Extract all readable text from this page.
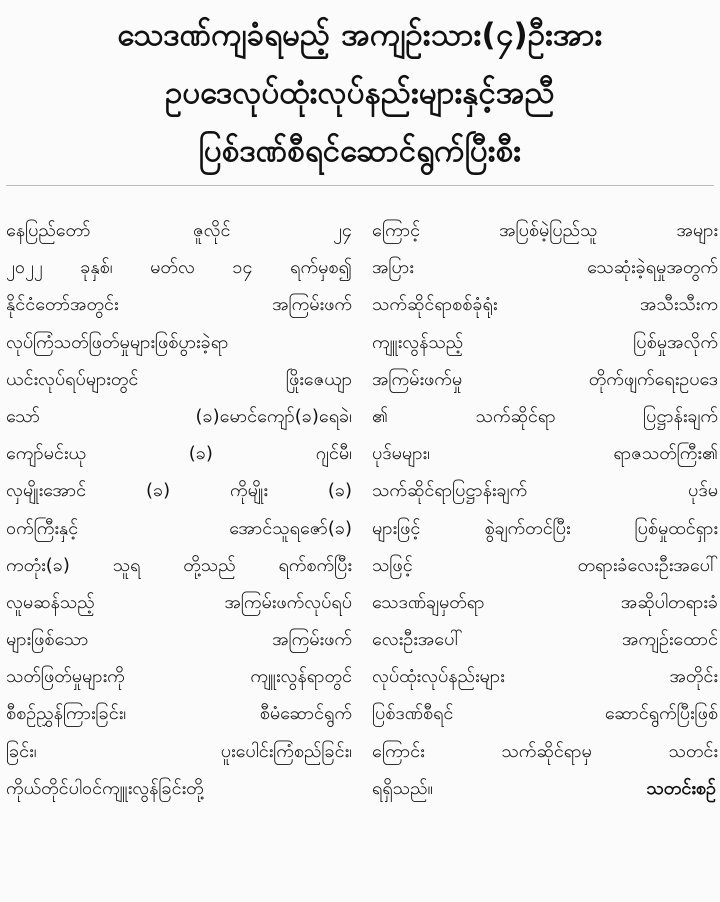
သေဒဏ်ကျခံရမည့် အကျဉ်းသား(၄)ဦးအား
ဥပဒေလုပ်ထုံးလုပ်နည်းများနှင့်အညီ
ပြစ်ဒဏ်စီရင်ဆောင်ရွက်ပြီးစီး
နေပြည်တော် ဇူလိုင် ၂၄
၂၀၂၂ ခုနှစ်၊ မတ်လ ၁၄ ရက်မှစ၍
နိုင်ငံတော်အတွင်း အကြမ်းဖက်
လုပ်ကြံသတ်ဖြတ်မှုများဖြစ်ပွားခဲ့ရာ
ယင်းလုပ်ရပ်များတွင် ဖြိုးဇေယျာ
သော် (ခ)မောင်ကျော်(ခ)ရေခဲ၊
ကျော်မင်းယု (ခ) ဂျင်မီ၊
လှမျိုးအောင် (ခ) ကိုမျိုး (ခ)
ဝက်ကြီးနှင့် အောင်သူရဇော်(ခ)
ကတုံး(ခ) သူရ တို့သည် ရက်စက်ပြီး
လူမဆန်သည့် အကြမ်းဖက်လုပ်ရပ်
များဖြစ်သော အကြမ်းဖက်
သတ်ဖြတ်မှုများကို ကျူးလွန်ရာတွင်
စီစဉ်ညွှန်ကြားခြင်း၊ စီမံဆောင်ရွက်
ခြင်း၊ ပူးပေါင်းကြံစည်ခြင်း၊
ကိုယ်တိုင်ပါဝင်ကျူးလွန်ခြင်းတို့
ကြောင့် အပြစ်မဲ့ပြည်သူ အများ
အပြား သေဆုံးခဲ့ရမှုအတွက်
သက်ဆိုင်ရာစစ်ခုံရုံး အသီးသီးက
ကျူးလွန်သည့် ပြစ်မှုအလိုက်
အကြမ်းဖက်မှု တိုက်ဖျက်ရေးဥပဒေ
၏ သက်ဆိုင်ရာ ပြဋ္ဌာန်းချက်
ပုဒ်မများ၊ ရာဇသတ်ကြီး၏
သက်ဆိုင်ရာပြဋ္ဌာန်းချက် ပုဒ်မ
များဖြင့် စွဲချက်တင်ပြီး ပြစ်မှုထင်ရှား
သဖြင့် တရားခံလေးဦးအပေါ်
သေဒဏ်ချမှတ်ရာ အဆိုပါတရားခံ
လေးဦးအပေါ် အကျဉ်းထောင်
လုပ်ထုံးလုပ်နည်းများ အတိုင်း
ပြစ်ဒဏ်စီရင် ဆောင်ရွက်ပြီးဖြစ်
ကြောင်း သက်ဆိုင်ရာမှ သတင်း
ရရှိသည်။	သတင်းစဉ်
